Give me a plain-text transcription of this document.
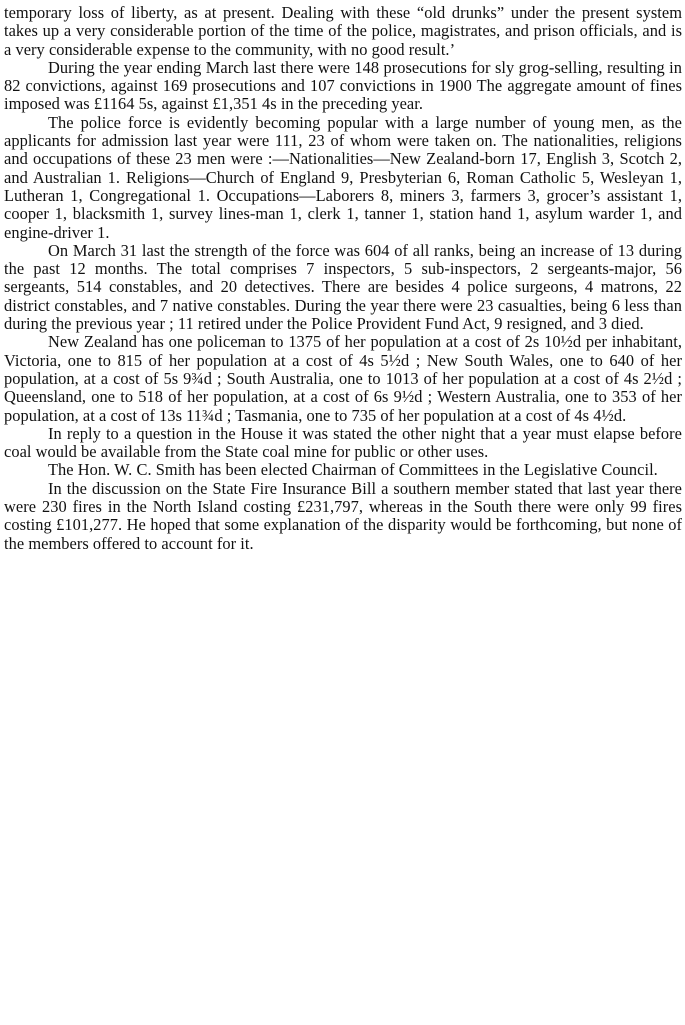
temporary loss of liberty, as at present. Dealing with these “old drunks” under the present system takes up a very considerable portion of the time of the police, magistrates, and prison officials, and is a very considerable expense to the community, with no good result.’

During the year ending March last there were 148 prosecutions for sly grog-selling, resulting in 82 convictions, against 169 prosecutions and 107 convictions in 1900 The aggregate amount of fines imposed was £1164 5s, against £1,351 4s in the preceding year.

The police force is evidently becoming popular with a large number of young men, as the applicants for admission last year were 111, 23 of whom were taken on. The nationalities, religions and occupations of these 23 men were :—Nationalities—New Zealand-born 17, English 3, Scotch 2, and Australian 1. Religions—Church of England 9, Presbyterian 6, Roman Catholic 5, Wesleyan 1, Lutheran 1, Congregational 1. Occupations—Laborers 8, miners 3, farmers 3, grocer’s assistant 1, cooper 1, blacksmith 1, survey lines-man 1, clerk 1, tanner 1, station hand 1, asylum warder 1, and engine-driver 1.

On March 31 last the strength of the force was 604 of all ranks, being an increase of 13 during the past 12 months. The total comprises 7 inspectors, 5 sub-inspectors, 2 sergeants-major, 56 sergeants, 514 constables, and 20 detectives. There are besides 4 police surgeons, 4 matrons, 22 district constables, and 7 native constables. During the year there were 23 casualties, being 6 less than during the previous year ; 11 retired under the Police Provident Fund Act, 9 resigned, and 3 died.

New Zealand has one policeman to 1375 of her population at a cost of 2s 10½d per inhabitant, Victoria, one to 815 of her population at a cost of 4s 5½d ; New South Wales, one to 640 of her population, at a cost of 5s 9¾d ; South Australia, one to 1013 of her population at a cost of 4s 2½d ; Queensland, one to 518 of her population, at a cost of 6s 9½d ; Western Australia, one to 353 of her population, at a cost of 13s 11¾d ; Tasmania, one to 735 of her population at a cost of 4s 4½d.

In reply to a question in the House it was stated the other night that a year must elapse before coal would be available from the State coal mine for public or other uses.

The Hon. W. C. Smith has been elected Chairman of Committees in the Legislative Council.

In the discussion on the State Fire Insurance Bill a southern member stated that last year there were 230 fires in the North Island costing £231,797, whereas in the South there were only 99 fires costing £101,277. He hoped that some explanation of the disparity would be forthcoming, but none of the members offered to account for it.
